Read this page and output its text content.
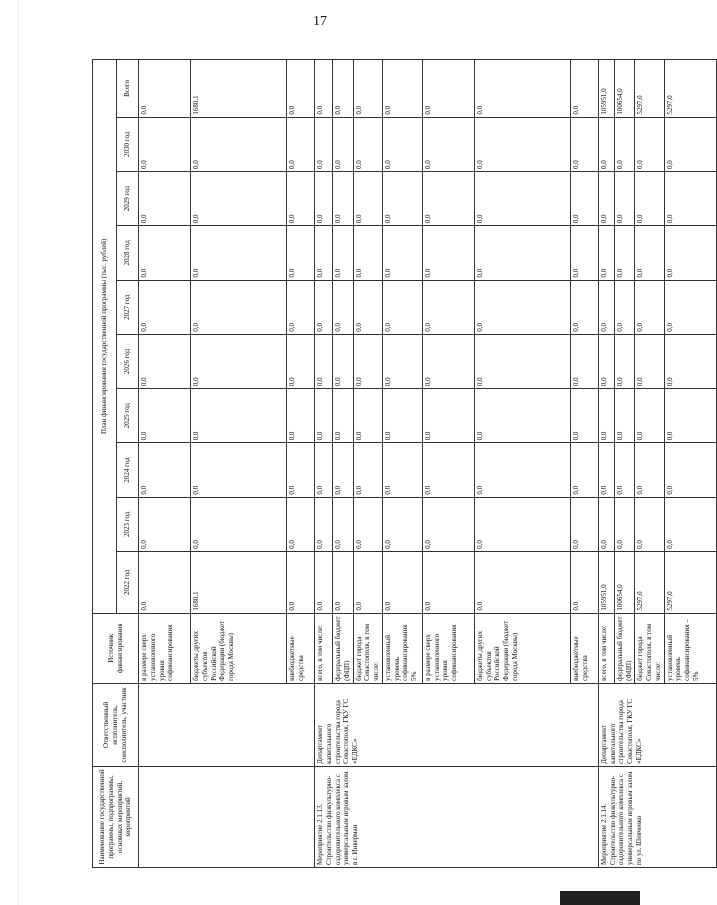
17
Наименование государственной программы, подпрограммы, основных мероприятий, мероприятий	Ответственный исполнитель, соисполнитель, участник	Источник финансирования	План финансирования государственной программы (тыс. рублей)									
			2022 год	2023 год	2024 год	2025 год	2026 год	2027 год	2028 год	2029 год	2030 год	Всего
		в размере сверх установленного уровня софинансирования	0,0	0,0	0,0	0,0	0,0	0,0	0,0	0,0	0,0	0,0
		бюджеты других субъектов Российской Федерации (бюджет города Москвы)	1680,1	0,0	0,0	0,0	0,0	0,0	0,0	0,0	0,0	1680,1
		внебюджетные средства	0,0	0,0	0,0	0,0	0,0	0,0	0,0	0,0	0,0	0,0
Мероприятие 2.1.13. Строительство физкультурно-оздоровительного комплекса с универсальным игровым залом в г. Инкерман	Департамент капитального строительства города Севастополя, ГКУ ГС «ЕДКС»	всего, в том числе:	0,0	0,0	0,0	0,0	0,0	0,0	0,0	0,0	0,0	0,0
		федеральный бюджет (ФЦП)	0,0	0,0	0,0	0,0	0,0	0,0	0,0	0,0	0,0	0,0
		бюджет города Севастополя, в том числе:	0,0	0,0	0,0	0,0	0,0	0,0	0,0	0,0	0,0	0,0
		установленный уровень софинансирования 5%	0,0	0,0	0,0	0,0	0,0	0,0	0,0	0,0	0,0	0,0
		в размере сверх установленного уровня софинансирования	0,0	0,0	0,0	0,0	0,0	0,0	0,0	0,0	0,0	0,0
		бюджеты других субъектов Российской Федерации (бюджет города Москвы)	0,0	0,0	0,0	0,0	0,0	0,0	0,0	0,0	0,0	0,0
		внебюджетные средства	0,0	0,0	0,0	0,0	0,0	0,0	0,0	0,0	0,0	0,0
Мероприятие 2.1.14. Строительство физкультурно-оздоровительного комплекса с универсальным игровым залом по ул. Шевченко	Департамент капитального строительства города Севастополя, ГКУ ГС «ЕДКС»	всего, в том числе:	105951,0	0,0	0,0	0,0	0,0	0,0	0,0	0,0	0,0	105951,0
		федеральный бюджет (ФЦП)	100654,0	0,0	0,0	0,0	0,0	0,0	0,0	0,0	0,0	100654,0
		бюджет города Севастополя, в том числе:	5297,0	0,0	0,0	0,0	0,0	0,0	0,0	0,0	0,0	5297,0
		установленный уровень софинансирования – 5%	5297,0	0,0	0,0	0,0	0,0	0,0	0,0	0,0	0,0	5297,0
